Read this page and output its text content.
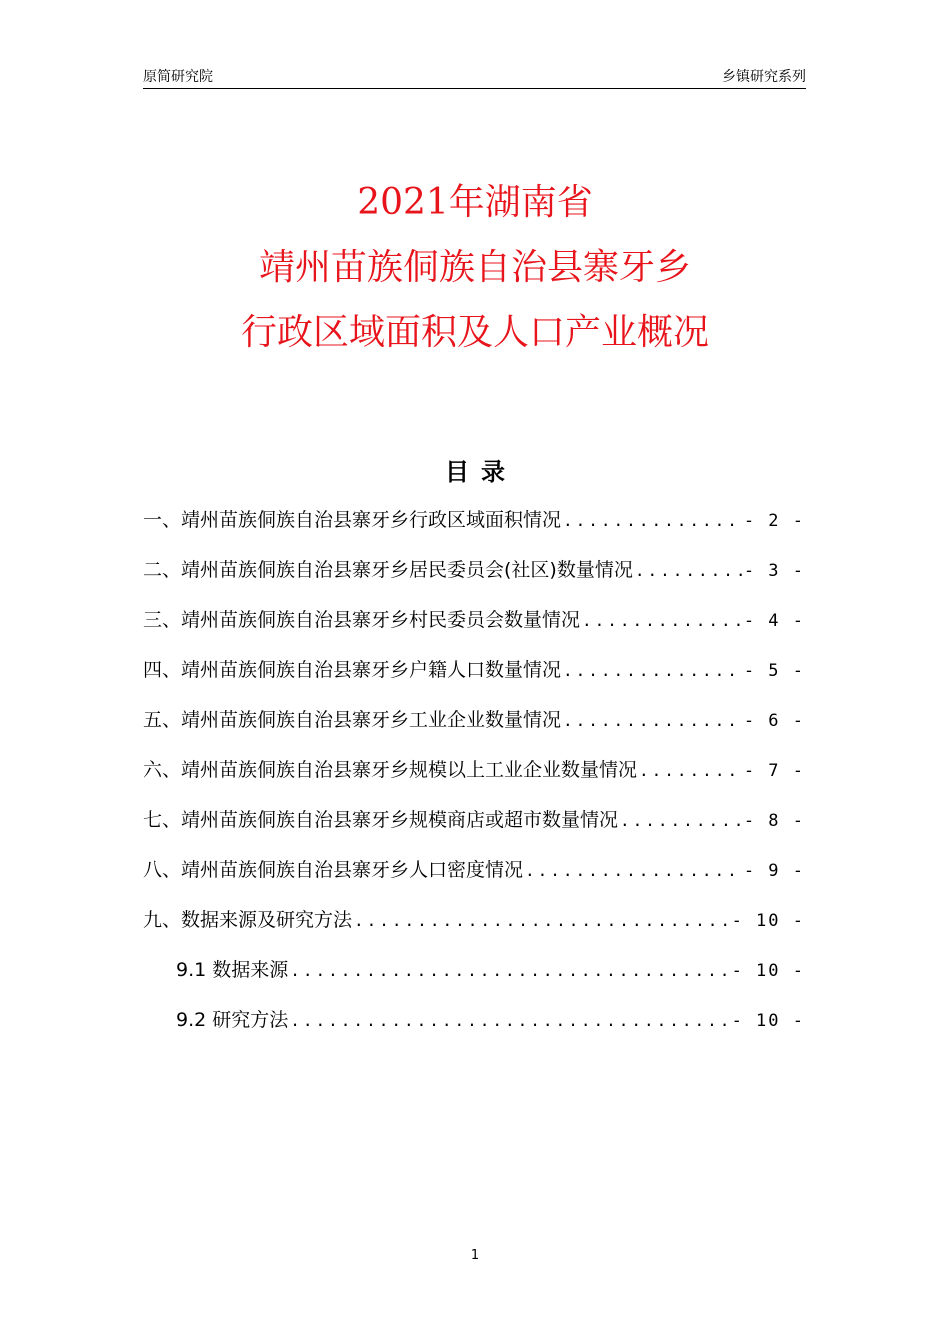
原简研究院	乡镇研究系列
2021年湖南省
靖州苗族侗族自治县寨牙乡
行政区域面积及人口产业概况
目录
一、靖州苗族侗族自治县寨牙乡行政区域面积情况 .....	- 2 -
二、靖州苗族侗族自治县寨牙乡居民委员会(社区)数量情况 .....	- 3 -
三、靖州苗族侗族自治县寨牙乡村民委员会数量情况 .....	- 4 -
四、靖州苗族侗族自治县寨牙乡户籍人口数量情况 .....	- 5 -
五、靖州苗族侗族自治县寨牙乡工业企业数量情况 .....	- 6 -
六、靖州苗族侗族自治县寨牙乡规模以上工业企业数量情况 .....	- 7 -
七、靖州苗族侗族自治县寨牙乡规模商店或超市数量情况 .....	- 8 -
八、靖州苗族侗族自治县寨牙乡人口密度情况 .....	- 9 -
九、数据来源及研究方法 .....	- 10 -
9.1 数据来源 .....	- 10 -
9.2 研究方法 .....	- 10 -
1
